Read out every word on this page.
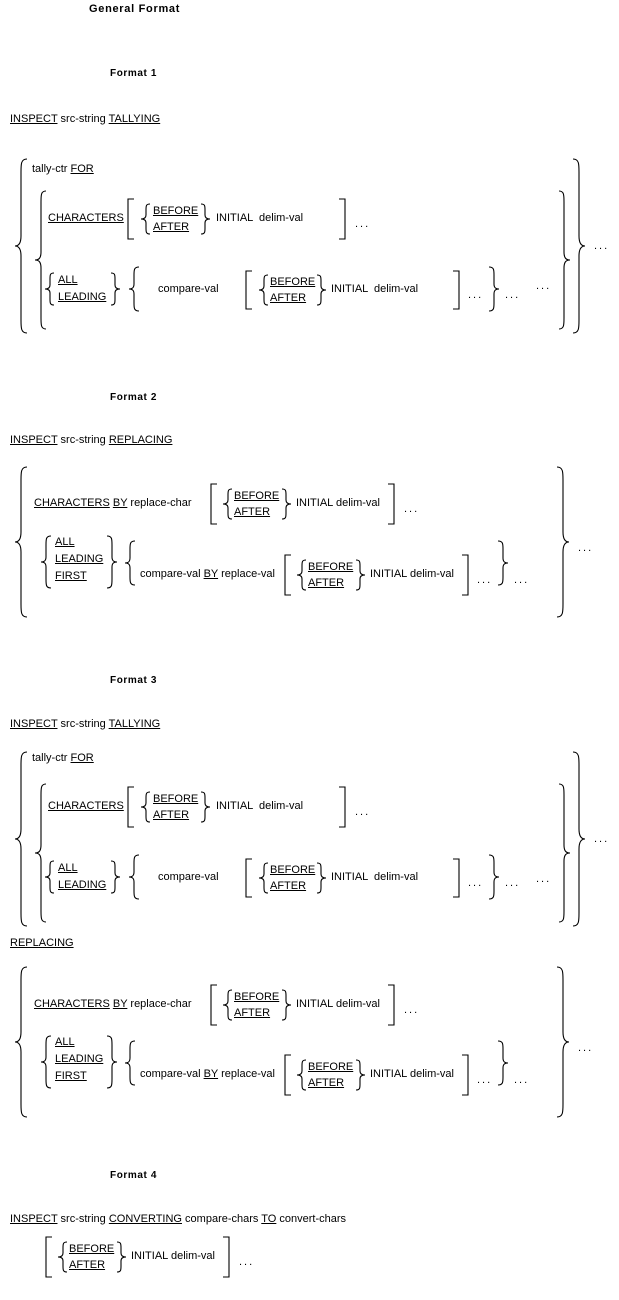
General Format
Format 1
INSPECT src-string TALLYING
...
...
tally-ctr FOR
CHARACTERS
BEFORE
AFTER
INITIAL delim-val	...
ALL
LEADING
compare-val
BEFORE
AFTER
INITIAL delim-val	... ...
Format 2
INSPECT src-string REPLACING
...
CHARACTERS BY replace-char
BEFORE
AFTER
INITIAL delim-val ...
ALL
LEADING
FIRST	compare-val BY replace-val
BEFORE
AFTER
INITIAL delim-val ... ...
Format 3
INSPECT src-string TALLYING
...
...
tally-ctr FOR
CHARACTERS
BEFORE
AFTER
INITIAL delim-val	...
ALL
LEADING
compare-val
BEFORE
AFTER
INITIAL delim-val	... ...
REPLACING
...
CHARACTERS BY replace-char
BEFORE
AFTER
INITIAL delim-val ...
ALL
LEADING
FIRST	compare-val BY replace-val
BEFORE
AFTER
INITIAL delim-val ... ...
Format 4
INSPECT src-string CONVERTING compare-chars TO convert-chars
BEFORE
AFTER
INITIAL delim-val ...
